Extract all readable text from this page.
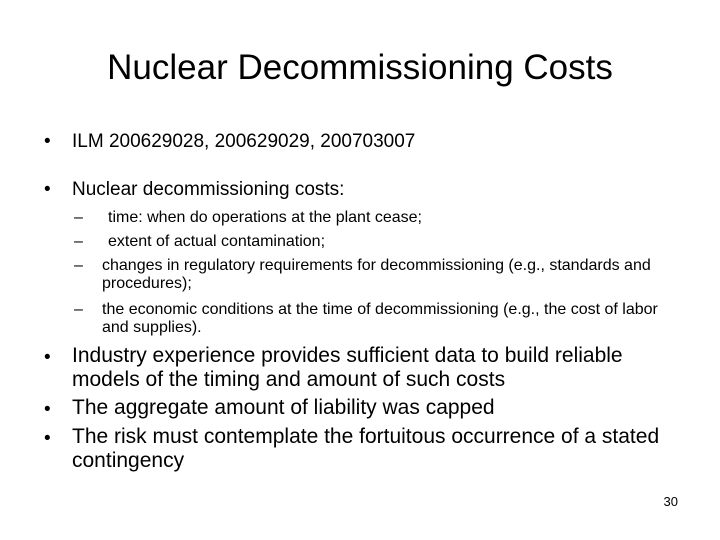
Nuclear Decommissioning Costs
• ILM 200629028, 200629029, 200703007
• Nuclear decommissioning costs:
– time: when do operations at the plant cease;
– extent of actual contamination;
– changes in regulatory requirements for decommissioning (e.g., standards and procedures);
– the economic conditions at the time of decommissioning (e.g., the cost of labor and supplies).
• Industry experience provides sufficient data to build reliable models of the timing and amount of such costs
• The aggregate amount of liability was capped
• The risk must contemplate the fortuitous occurrence of a stated contingency
30
